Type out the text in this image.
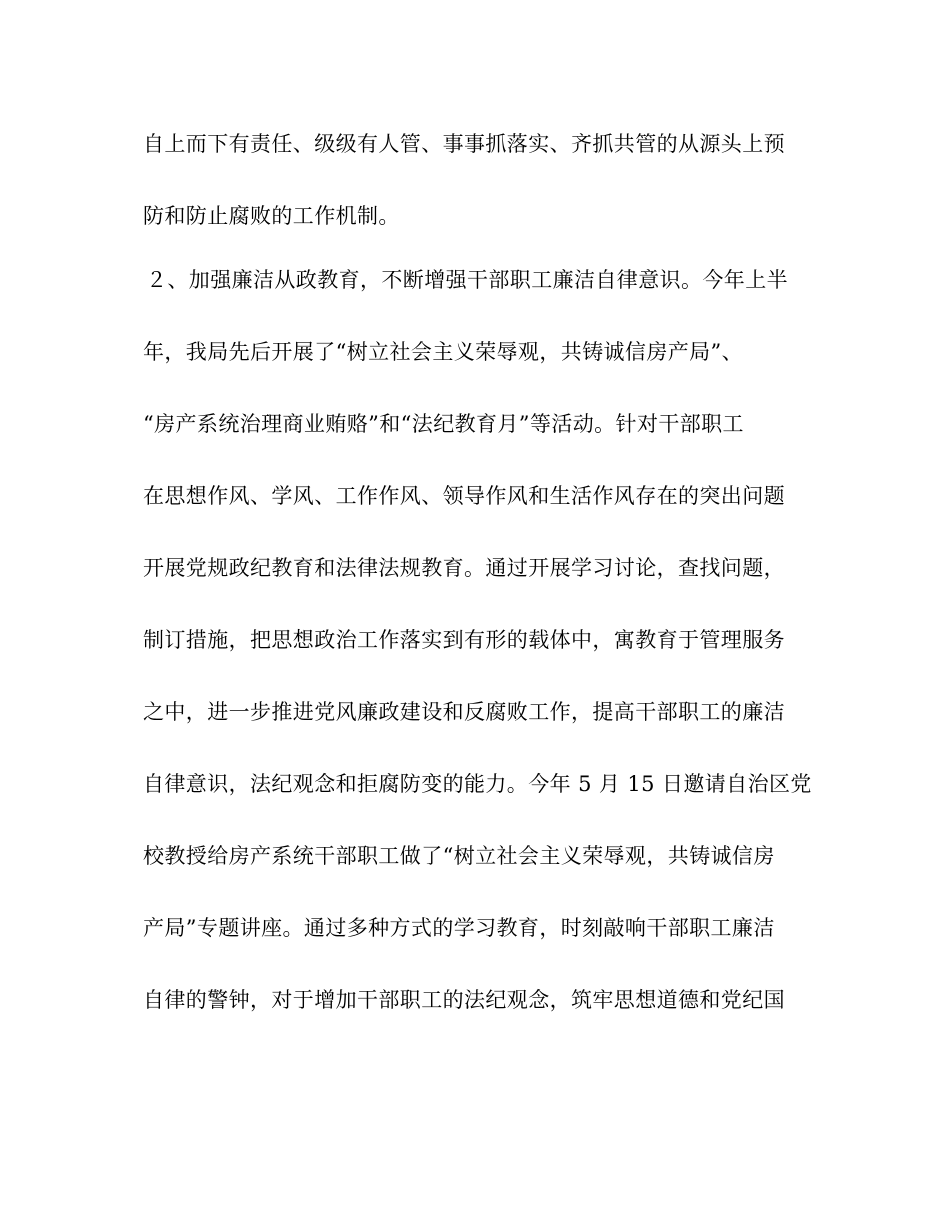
自上而下有责任、级级有人管、事事抓落实、齐抓共管的从源头上预
防和防止腐败的工作机制。
２、加强廉洁从政教育，不断增强干部职工廉洁自律意识。今年上半
年，我局先后开展了“树立社会主义荣辱观，共铸诚信房产局”、
“房产系统治理商业贿赂”和“法纪教育月”等活动。针对干部职工
在思想作风、学风、工作作风、领导作风和生活作风存在的突出问题
开展党规政纪教育和法律法规教育。通过开展学习讨论，查找问题，
制订措施，把思想政治工作落实到有形的载体中，寓教育于管理服务
之中，进一步推进党风廉政建设和反腐败工作，提高干部职工的廉洁
自律意识，法纪观念和拒腐防变的能力。今年 5 月 15 日邀请自治区党
校教授给房产系统干部职工做了“树立社会主义荣辱观，共铸诚信房
产局”专题讲座。通过多种方式的学习教育，时刻敲响干部职工廉洁
自律的警钟，对于增加干部职工的法纪观念，筑牢思想道德和党纪国
